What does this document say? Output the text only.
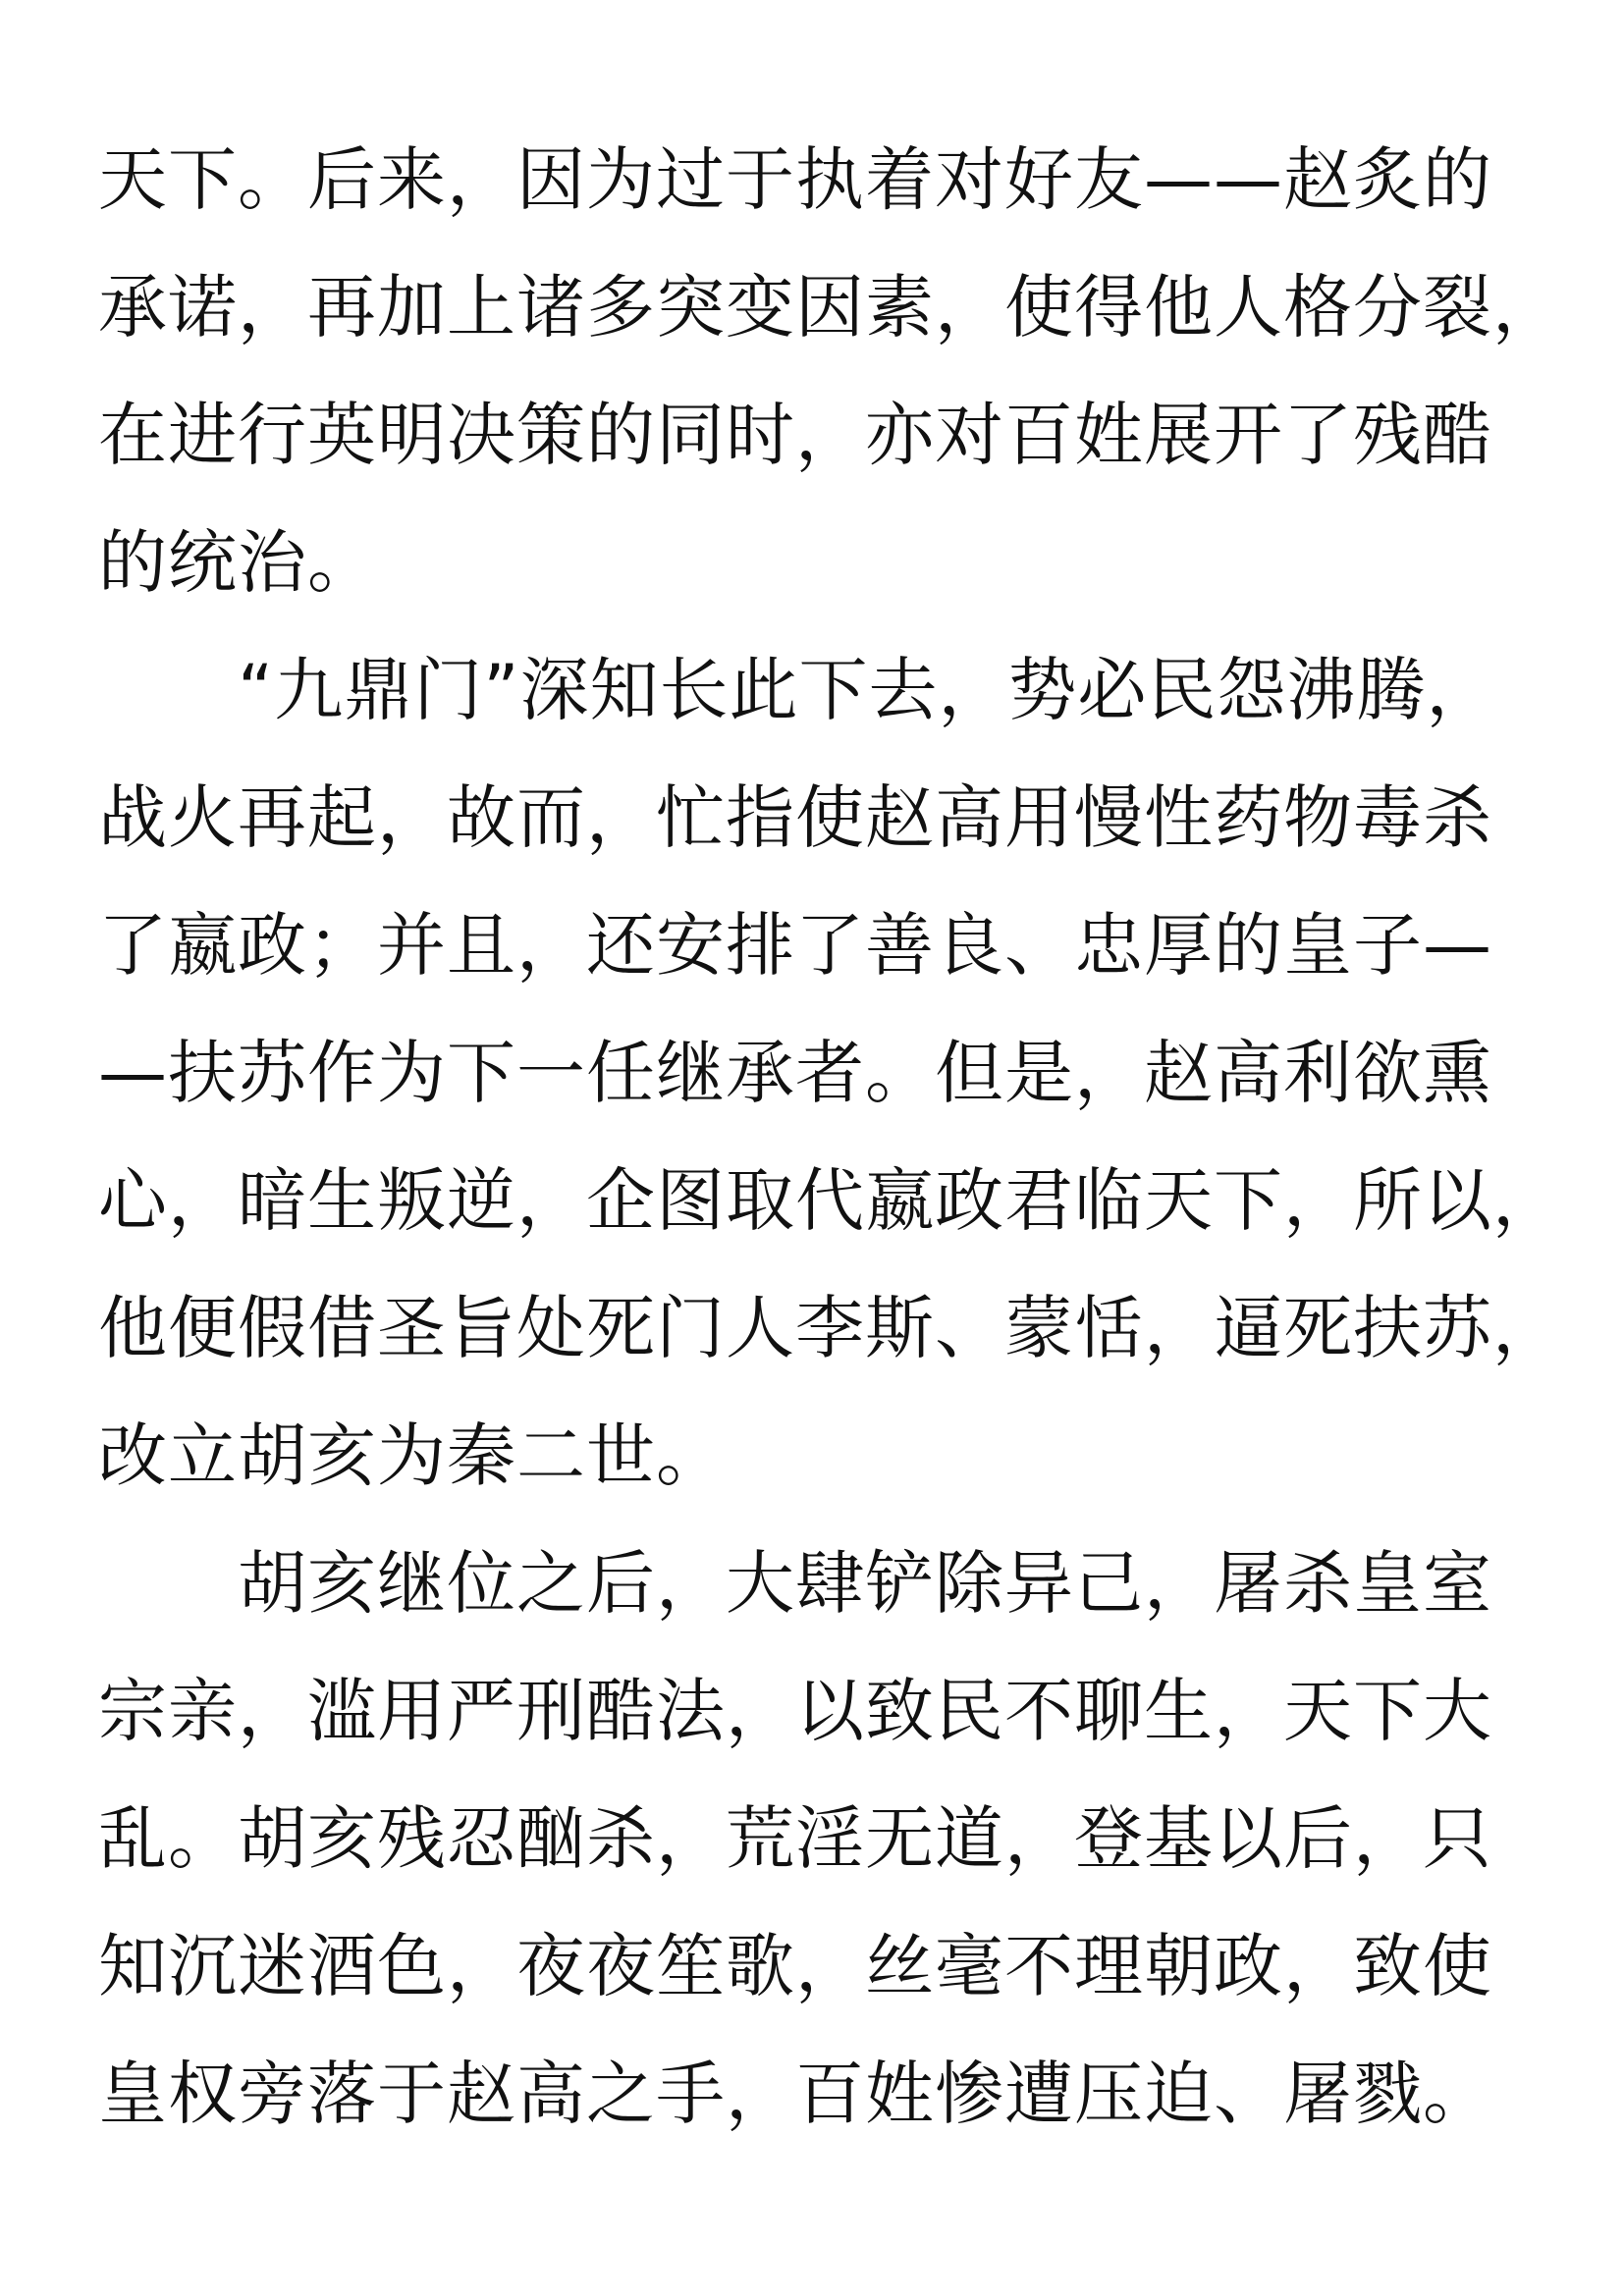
天下。后来，因为过于执着对好友——赵炙的
承诺，再加上诸多突变因素，使得他人格分裂，
在进行英明决策的同时，亦对百姓展开了残酷
的统治。
　　“九鼎门”深知长此下去，势必民怨沸腾，
战火再起，故而，忙指使赵高用慢性药物毒杀
了嬴政；并且，还安排了善良、忠厚的皇子—
—扶苏作为下一任继承者。但是，赵高利欲熏
心，暗生叛逆，企图取代嬴政君临天下，所以，
他便假借圣旨处死门人李斯、蒙恬，逼死扶苏，
改立胡亥为秦二世。
　　胡亥继位之后，大肆铲除异己，屠杀皇室
宗亲，滥用严刑酷法，以致民不聊生，天下大
乱。胡亥残忍酗杀，荒淫无道，登基以后，只
知沉迷酒色，夜夜笙歌，丝毫不理朝政，致使
皇权旁落于赵高之手，百姓惨遭压迫、屠戮。
